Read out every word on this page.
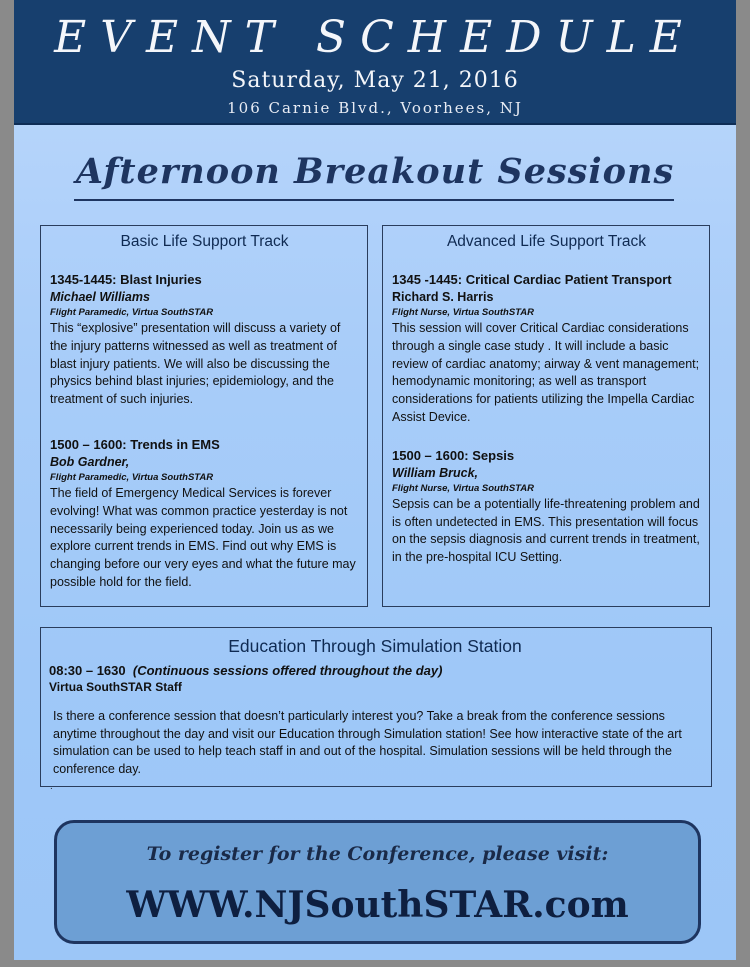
EVENT SCHEDULE
Saturday, May 21, 2016
106 Carnie Blvd., Voorhees, NJ
Afternoon Breakout Sessions
Basic Life Support Track
1345-1445: Blast Injuries
Michael Williams
Flight Paramedic, Virtua SouthSTAR
This “explosive” presentation will discuss a variety of the injury patterns witnessed as well as treatment of blast injury patients. We will also be discussing the physics behind blast injuries; epidemiology, and the treatment of such injuries.
1500 – 1600: Trends in EMS
Bob Gardner,
Flight Paramedic, Virtua SouthSTAR
The field of Emergency Medical Services is forever evolving! What was common practice yesterday is not necessarily being experienced today. Join us as we explore current trends in EMS. Find out why EMS is changing before our very eyes and what the future may possible hold for the field.
Advanced Life Support Track
1345 -1445: Critical Cardiac Patient Transport
Richard S. Harris
Flight Nurse, Virtua SouthSTAR
This session will cover Critical Cardiac considerations through a single case study . It will include a basic review of cardiac anatomy; airway & vent management; hemodynamic monitoring; as well as transport considerations for patients utilizing the Impella Cardiac Assist Device.
1500 – 1600: Sepsis
William Bruck,
Flight Nurse, Virtua SouthSTAR
Sepsis can be a potentially life-threatening problem and is often undetected in EMS. This presentation will focus on the sepsis diagnosis and current trends in treatment, in the pre-hospital ICU Setting.
Education Through Simulation Station
08:30 – 1630 (Continuous sessions offered throughout the day)
Virtua SouthSTAR Staff
Is there a conference session that doesn’t particularly interest you? Take a break from the conference sessions anytime throughout the day and visit our Education through Simulation station! See how interactive state of the art simulation can be used to help teach staff in and out of the hospital. Simulation sessions will be held through the conference day.
.
To register for the Conference, please visit:
WWW.NJSouthSTAR.com
